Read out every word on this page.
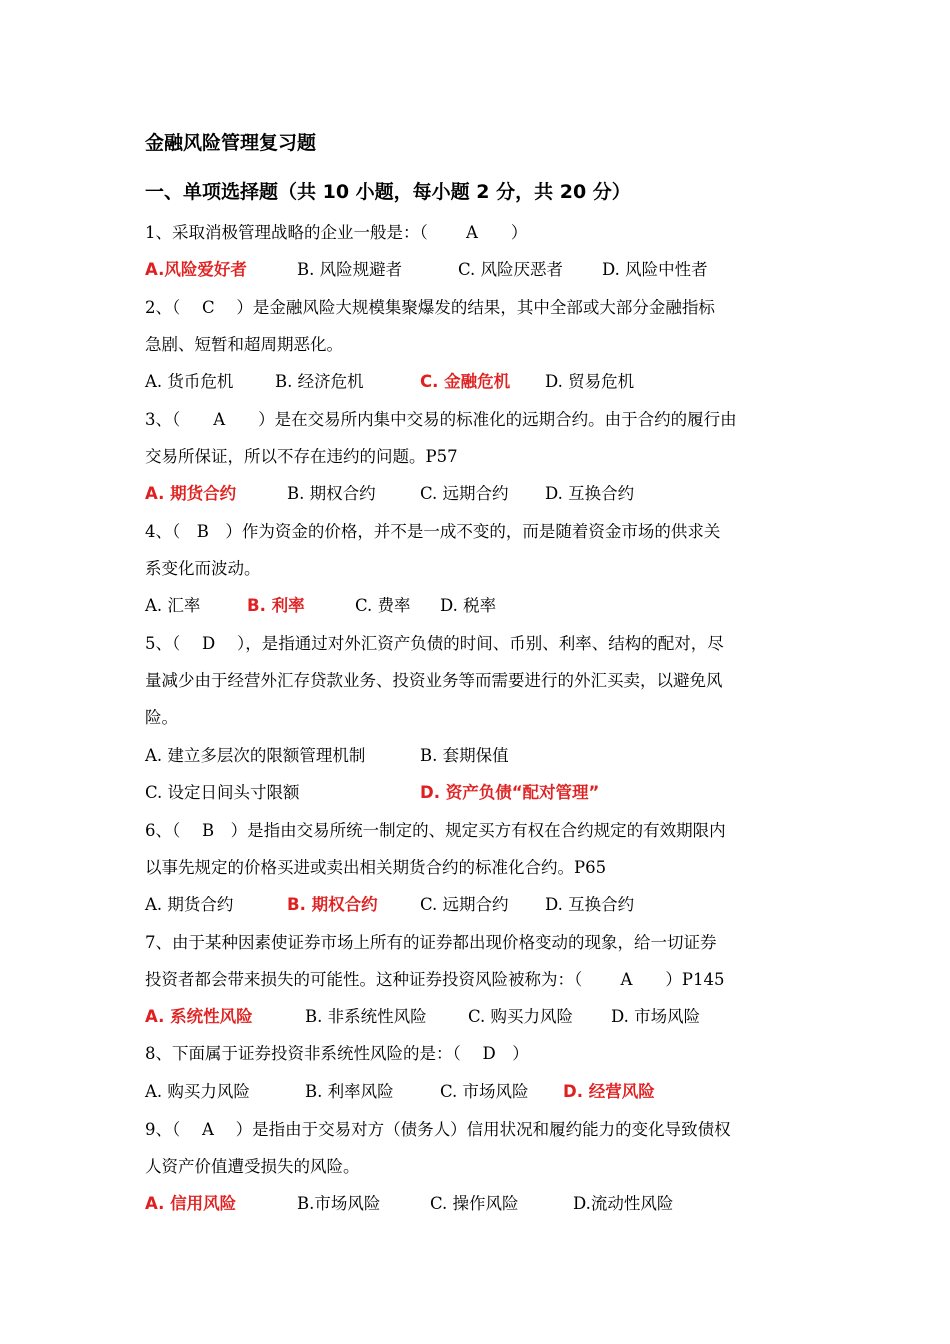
金融风险管理复习题
一、单项选择题（共 10 小题，每小题 2 分，共 20 分）
1、采取消极管理战略的企业一般是：（　　 A　　）
A.风险爱好者	B. 风险规避者	C. 风险厌恶者 D. 风险中性者
2、（　 C　 ）是金融风险大规模集聚爆发的结果，其中全部或大部分金融指标
急剧、短暂和超周期恶化。
A. 货币危机	B. 经济危机	C. 金融危机 D. 贸易危机
3、（　　A　　）是在交易所内集中交易的标准化的远期合约。由于合约的履行由
交易所保证，所以不存在违约的问题。P57
A. 期货合约	B. 期权合约	C. 远期合约 D. 互换合约
4、（　B　）作为资金的价格，并不是一成不变的，而是随着资金市场的供求关
系变化而波动。
A. 汇率	B. 利率	C. 费率 D. 税率
5、（　 D　 ），是指通过对外汇资产负债的时间、币别、利率、结构的配对，尽
量减少由于经营外汇存贷款业务、投资业务等而需要进行的外汇买卖，以避免风
险。
A. 建立多层次的限额管理机制	B. 套期保值
C. 设定日间头寸限额	D. 资产负债“配对管理”
6、（　 B　）是指由交易所统一制定的、规定买方有权在合约规定的有效期限内
以事先规定的价格买进或卖出相关期货合约的标准化合约。P65
A. 期货合约	B. 期权合约	C. 远期合约 D. 互换合约
7、由于某种因素使证券市场上所有的证券都出现价格变动的现象，给一切证券
投资者都会带来损失的可能性。这种证券投资风险被称为：（　　 A　　）P145
A. 系统性风险	B. 非系统性风险	C. 购买力风险 D. 市场风险
8、下面属于证券投资非系统性风险的是：（　 D　）
A. 购买力风险	B. 利率风险	C. 市场风险 D. 经营风险
9、（　 A　 ）是指由于交易对方（债务人）信用状况和履约能力的变化导致债权
人资产价值遭受损失的风险。
A. 信用风险	B.市场风险	C. 操作风险	D.流动性风险
